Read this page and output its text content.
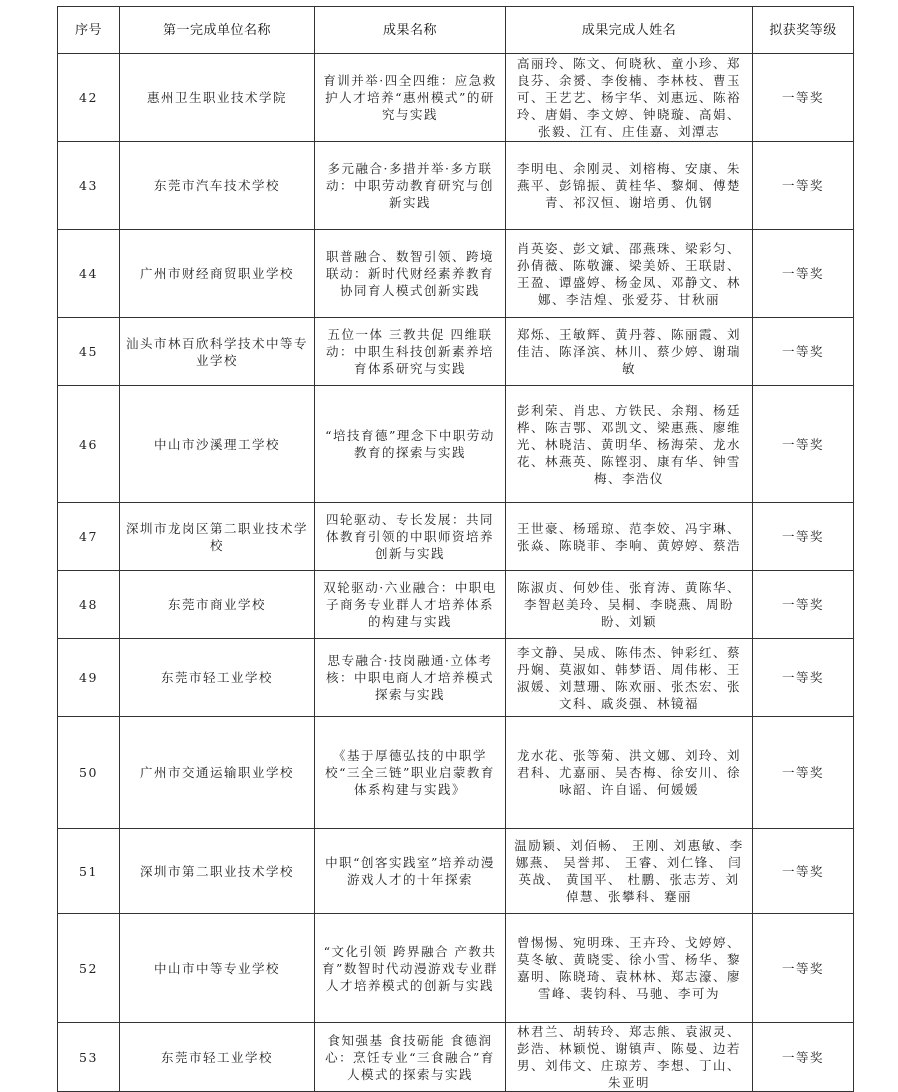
序号	第一完成单位名称	成果名称	成果完成人姓名	拟获奖等级
42	惠州卫生职业技术学院	育训并举·四全四维：应急救护人才培养“惠州模式”的研究与实践	高丽玲、陈文、何晓秋、童小珍、郑良芬、余赟、李俊楠、李林枝、曹玉可、王艺艺、杨宇华、刘惠远、陈裕玲、唐娟、李文婷、钟晓璇、高娟、张毅、江有、庄佳嘉、刘潭志	一等奖
43	东莞市汽车技术学校	多元融合·多措并举·多方联动：中职劳动教育研究与创新实践	李明电、余刚灵、刘榕梅、安康、朱燕平、彭锦振、黄桂华、黎炯、傅楚青、祁汉恒、谢培勇、仇钢	一等奖
44	广州市财经商贸职业学校	职普融合、数智引领、跨境联动：新时代财经素养教育协同育人模式创新实践	肖英姿、彭文斌、邵燕珠、梁彩匀、孙倩薇、陈敬濂、梁美娇、王联尉、王盈、谭盛婷、杨金凤、邓静文、林娜、李洁煌、张爱芬、甘秋丽	一等奖
45	汕头市林百欣科学技术中等专业学校	五位一体 三教共促 四维联动：中职生科技创新素养培育体系研究与实践	郑烁、王敏辉、黄丹蓉、陈丽霞、刘佳洁、陈泽滨、林川、蔡少婷、谢瑞敏	一等奖
46	中山市沙溪理工学校	“培技育德”理念下中职劳动教育的探索与实践	彭利荣、肖忠、方铁民、余翔、杨廷桦、陈吉鄂、邓凯文、梁惠燕、廖维光、林晓洁、黄明华、杨海荣、龙水花、林燕英、陈铿羽、康有华、钟雪梅、李浩仪	一等奖
47	深圳市龙岗区第二职业技术学校	四轮驱动、专长发展：共同体教育引领的中职师资培养创新与实践	王世豪、杨瑶琼、范李姣、冯宇琳、张焱、陈晓菲、李响、黄婷婷、蔡浩	一等奖
48	东莞市商业学校	双轮驱动·六业融合：中职电子商务专业群人才培养体系的构建与实践	陈淑贞、何妙佳、张育涛、黄陈华、李智赵美玲、吴桐、李晓燕、周盼盼、刘颖	一等奖
49	东莞市轻工业学校	思专融合·技岗融通·立体考核：中职电商人才培养模式探索与实践	李文静、吴成、陈伟杰、钟彩红、蔡丹娴、莫淑如、韩梦语、周伟彬、王淑媛、刘慧珊、陈欢丽、张杰宏、张文科、戚炎强、林镜福	一等奖
50	广州市交通运输职业学校	《基于厚德弘技的中职学校“三全三链”职业启蒙教育体系构建与实践》	龙水花、张等菊、洪文娜、刘玲、刘君科、尤嘉丽、吴杏梅、徐安川、徐咏韶、许自谣、何媛媛	一等奖
51	深圳市第二职业技术学校	中职“创客实践室”培养动漫游戏人才的十年探索	温励颖、刘佰畅、 王刚、刘惠敏、李娜燕、 吴誉邦、 王睿、刘仁锋、 闫英战、 黄国平、 杜鹏、张志芳、刘倬慧、张攀科、蹇丽	一等奖
52	中山市中等专业学校	“文化引领 跨界融合 产教共育”数智时代动漫游戏专业群人才培养模式的创新与实践	曾惕惕、宛明珠、王卉玲、戈婷婷、莫冬敏、黄晓雯、徐小雪、杨华、黎嘉明、陈晓琦、袁林林、郑志濠、廖雪峰、裴钧科、马驰、李可为	一等奖
53	东莞市轻工业学校	食知强基 食技砺能 食德润心：烹饪专业“三食融合”育人模式的探索与实践	林君兰、胡转玲、郑志熊、袁淑灵、彭浩、林颖悦、谢镇声、陈曼、边若男、刘伟文、庄琼芳、李想、丁山、朱亚明	一等奖
